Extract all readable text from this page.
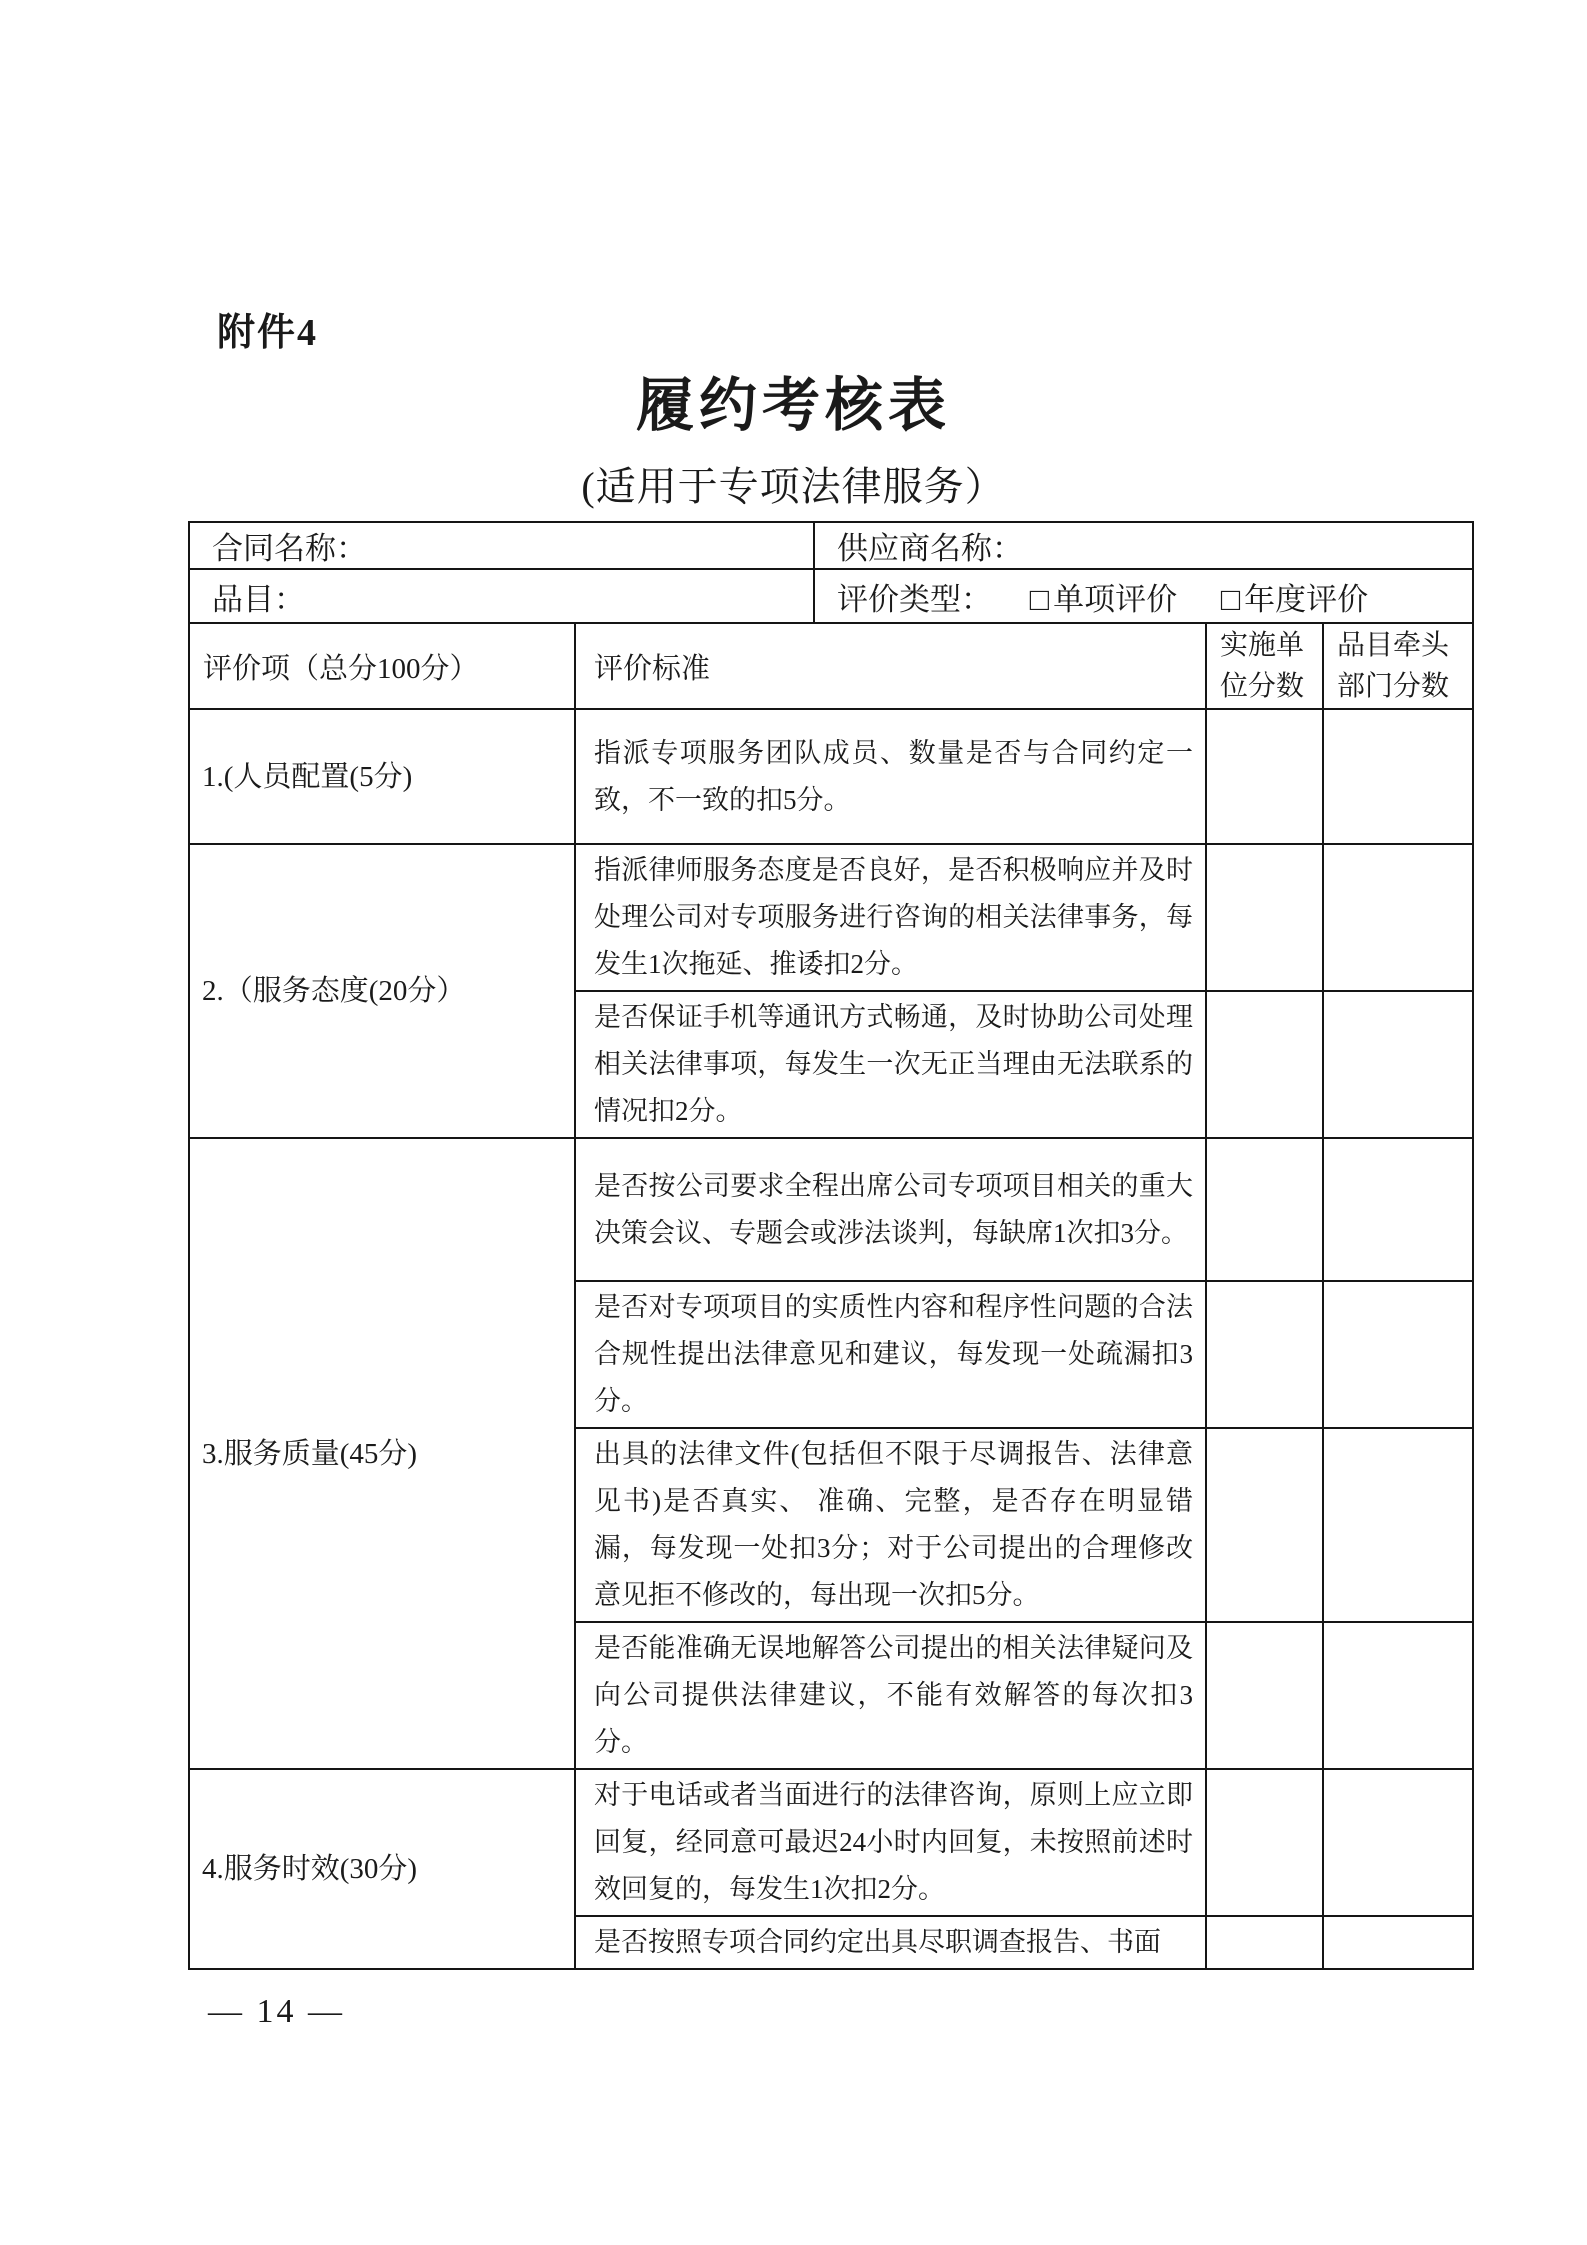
附件4
履约考核表
(适用于专项法律服务）
合同名称：	供应商名称：
品目：	评价类型： □ 单项评价 □ 年度评价
评价项（总分100分）	评价标准	实施单位分数	品目牵头部门分数
1.(人员配置(5分)	指派专项服务团队成员、数量是否与合同约定一致，不一致的扣5分。		
2.（服务态度(20分）	指派律师服务态度是否良好，是否积极响应并及时处理公司对专项服务进行咨询的相关法律事务，每发生1次拖延、推诿扣2分。		
	是否保证手机等通讯方式畅通，及时协助公司处理相关法律事项，每发生一次无正当理由无法联系的情况扣2分。		
3.服务质量(45分)	是否按公司要求全程出席公司专项项目相关的重大决策会议、专题会或涉法谈判，每缺席1次扣3分。		
	是否对专项项目的实质性内容和程序性问题的合法合规性提出法律意见和建议，每发现一处疏漏扣3分。		
	出具的法律文件(包括但不限于尽调报告、法律意见书)是否真实、 准确、完整，是否存在明显错漏，每发现一处扣3分；对于公司提出的合理修改意见拒不修改的，每出现一次扣5分。		
	是否能准确无误地解答公司提出的相关法律疑问及向公司提供法律建议，不能有效解答的每次扣3分。		
4.服务时效(30分)	对于电话或者当面进行的法律咨询，原则上应立即回复，经同意可最迟24小时内回复，未按照前述时效回复的，每发生1次扣2分。		
	是否按照专项合同约定出具尽职调查报告、书面		
— 14 —
